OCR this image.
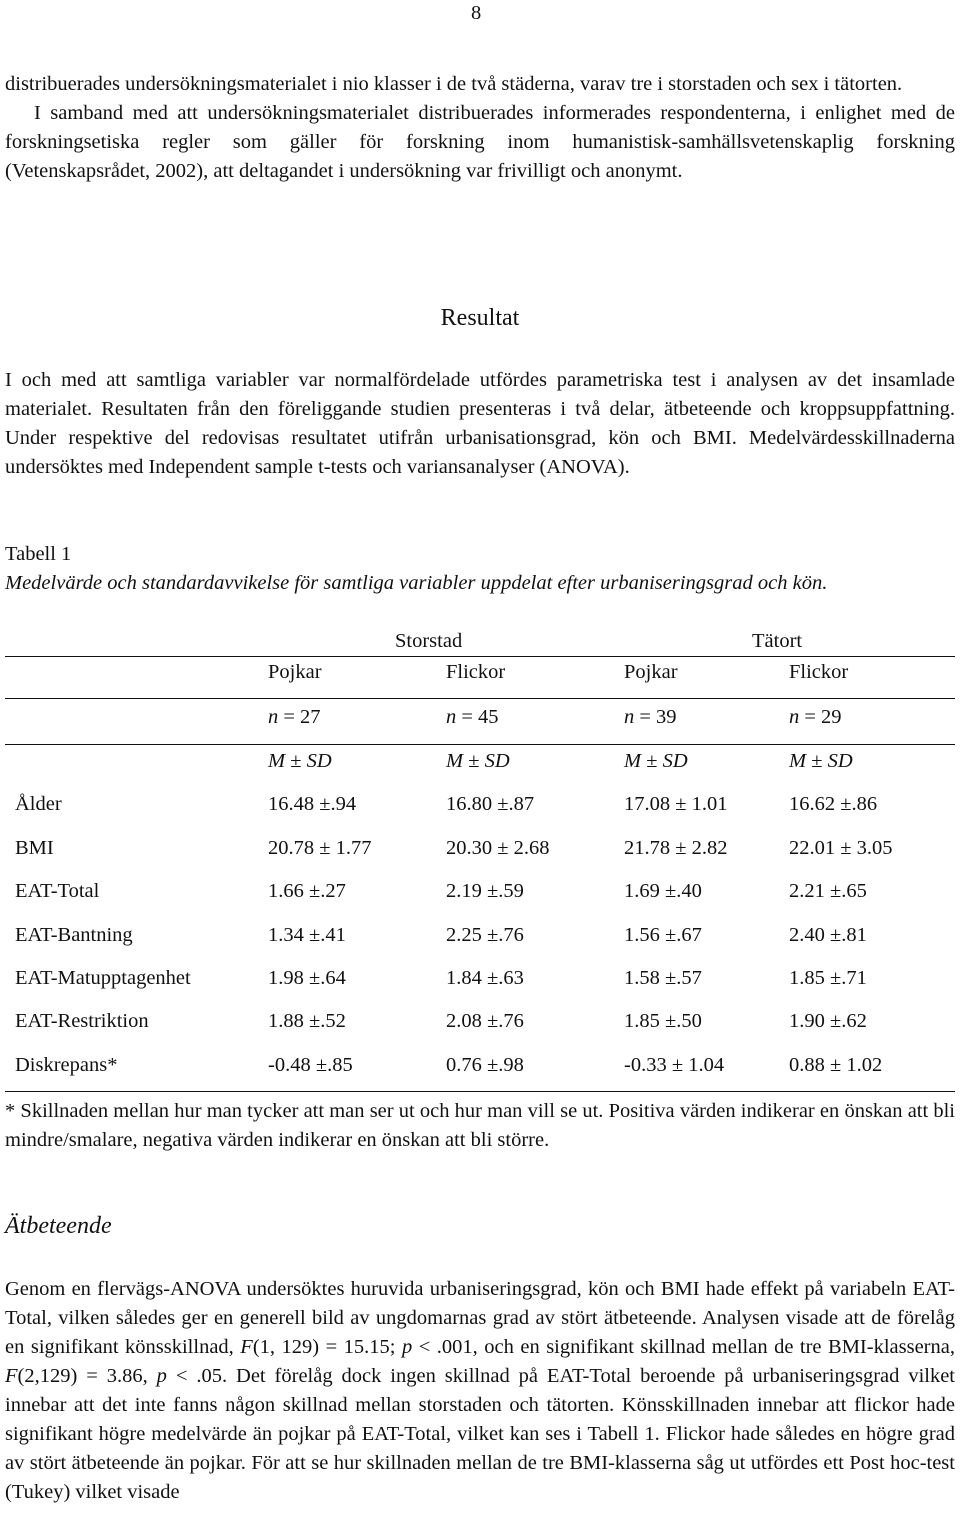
8
distribuerades undersökningsmaterialet i nio klasser i de två städerna, varav tre i storstaden och sex i tätorten.
I samband med att undersökningsmaterialet distribuerades informerades respondenterna, i enlighet med de forskningsetiska regler som gäller för forskning inom humanistisk-samhällsvetenskaplig forskning (Vetenskapsrådet, 2002), att deltagandet i undersökning var frivilligt och anonymt.
Resultat
I och med att samtliga variabler var normalfördelade utfördes parametriska test i analysen av det insamlade materialet. Resultaten från den föreliggande studien presenteras i två delar, ätbeteende och kroppsuppfattning. Under respektive del redovisas resultatet utifrån urbanisationsgrad, kön och BMI. Medelvärdesskillnaderna undersöktes med Independent sample t-tests och variansanalyser (ANOVA).
Tabell 1
Medelvärde och standardavvikelse för samtliga variabler uppdelat efter urbaniseringsgrad och kön.
Storstad	Tätort
Pojkar	Flickor	Pojkar	Flickor
n = 27	n = 45	n = 39	n = 29
M ± SD	M ± SD	M ± SD	M ± SD
Ålder	16.48 ±.94	16.80 ±.87	17.08 ± 1.01	16.62 ±.86
BMI	20.78 ± 1.77	20.30 ± 2.68	21.78 ± 2.82	22.01 ± 3.05
EAT-Total	1.66 ±.27	2.19 ±.59	1.69 ±.40	2.21 ±.65
EAT-Bantning	1.34 ±.41	2.25 ±.76	1.56 ±.67	2.40 ±.81
EAT-Matupptagenhet	1.98 ±.64	1.84 ±.63	1.58 ±.57	1.85 ±.71
EAT-Restriktion	1.88 ±.52	2.08 ±.76	1.85 ±.50	1.90 ±.62
Diskrepans*	-0.48 ±.85	0.76 ±.98	-0.33 ± 1.04	0.88 ± 1.02
* Skillnaden mellan hur man tycker att man ser ut och hur man vill se ut. Positiva värden indikerar en önskan att bli mindre/smalare, negativa värden indikerar en önskan att bli större.
Ätbeteende
Genom en flervägs-ANOVA undersöktes huruvida urbaniseringsgrad, kön och BMI hade effekt på variabeln EAT-Total, vilken således ger en generell bild av ungdomarnas grad av stört ätbeteende. Analysen visade att de förelåg en signifikant könsskillnad, F(1, 129) = 15.15; p < .001, och en signifikant skillnad mellan de tre BMI-klasserna, F(2,129) = 3.86, p < .05. Det förelåg dock ingen skillnad på EAT-Total beroende på urbaniseringsgrad vilket innebar att det inte fanns någon skillnad mellan storstaden och tätorten. Könsskillnaden innebar att flickor hade signifikant högre medelvärde än pojkar på EAT-Total, vilket kan ses i Tabell 1. Flickor hade således en högre grad av stört ätbeteende än pojkar. För att se hur skillnaden mellan de tre BMI-klasserna såg ut utfördes ett Post hoc-test (Tukey) vilket visade
